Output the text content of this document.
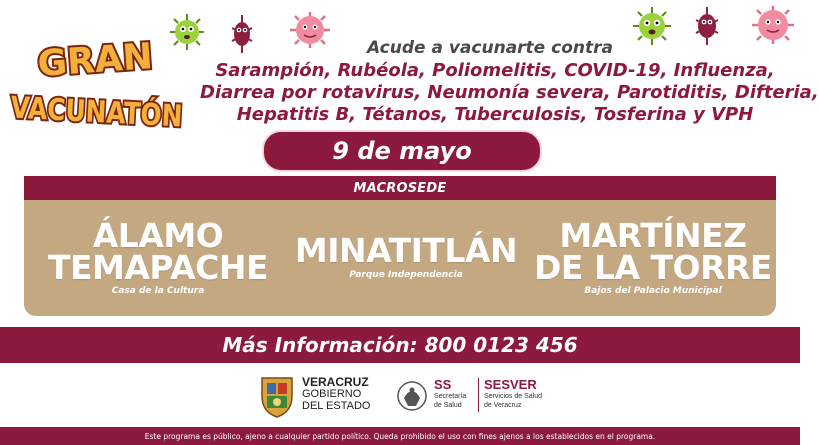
GRAN
VACUNATÓN
Acude a vacunarte contra
Sarampión, Rubéola, Poliomelitis, COVID-19, Influenza,
Diarrea por rotavirus, Neumonía severa, Parotiditis, Difteria,
Hepatitis B, Tétanos, Tuberculosis, Tosferina y VPH
9 de mayo
MACROSEDE
ÁLAMO
TEMAPACHE
Casa de la Cultura
MINATITLÁN
Parque Independencia
MARTÍNEZ
DE LA TORRE
Bajos del Palacio Municipal
Más Información: 800 0123 456
VERACRUZ
GOBIERNO
DEL ESTADO
SS
Secretaría
de Salud
SESVER
Servicios de Salud
de Veracruz
Este programa es público, ajeno a cualquier partido político. Queda prohibido el uso con fines ajenos a los establecidos en el programa.
